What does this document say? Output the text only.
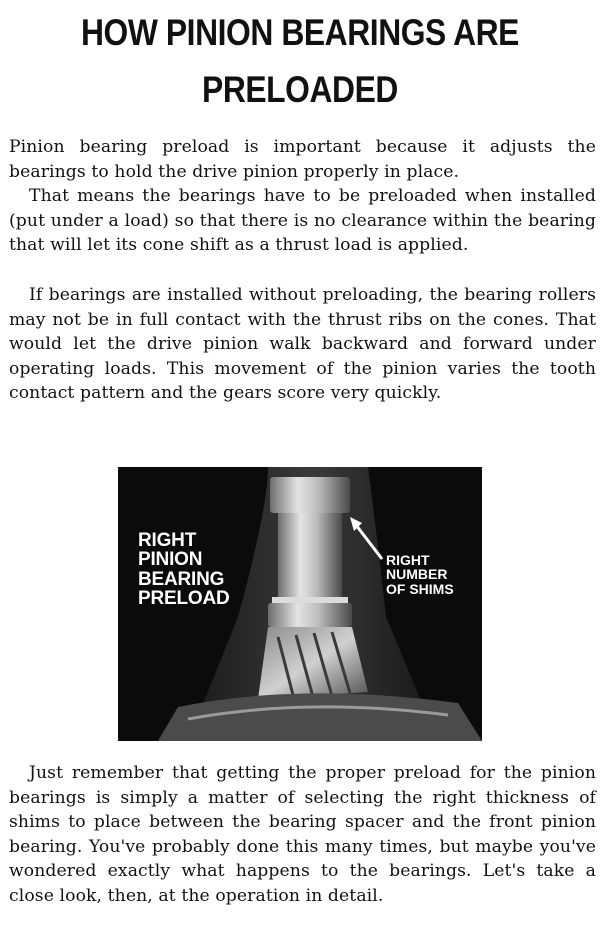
HOW PINION BEARINGS ARE
PRELOADED

Pinion bearing preload is important because it adjusts the bearings to hold the drive pinion properly in place.

That means the bearings have to be preloaded when installed (put under a load) so that there is no clearance within the bearing that will let its cone shift as a thrust load is applied.

If bearings are installed without preloading, the bearing rollers may not be in full contact with the thrust ribs on the cones. That would let the drive pinion walk backward and forward under operating loads. This movement of the pinion varies the tooth contact pattern and the gears score very quickly.

RIGHT
PINION
BEARING
PRELOAD
RIGHT
NUMBER
OF SHIMS

Just remember that getting the proper preload for the pinion bearings is simply a matter of selecting the right thickness of shims to place between the bearing spacer and the front pinion bearing. You've probably done this many times, but maybe you've wondered exactly what happens to the bearings. Let's take a close look, then, at the operation in detail.
